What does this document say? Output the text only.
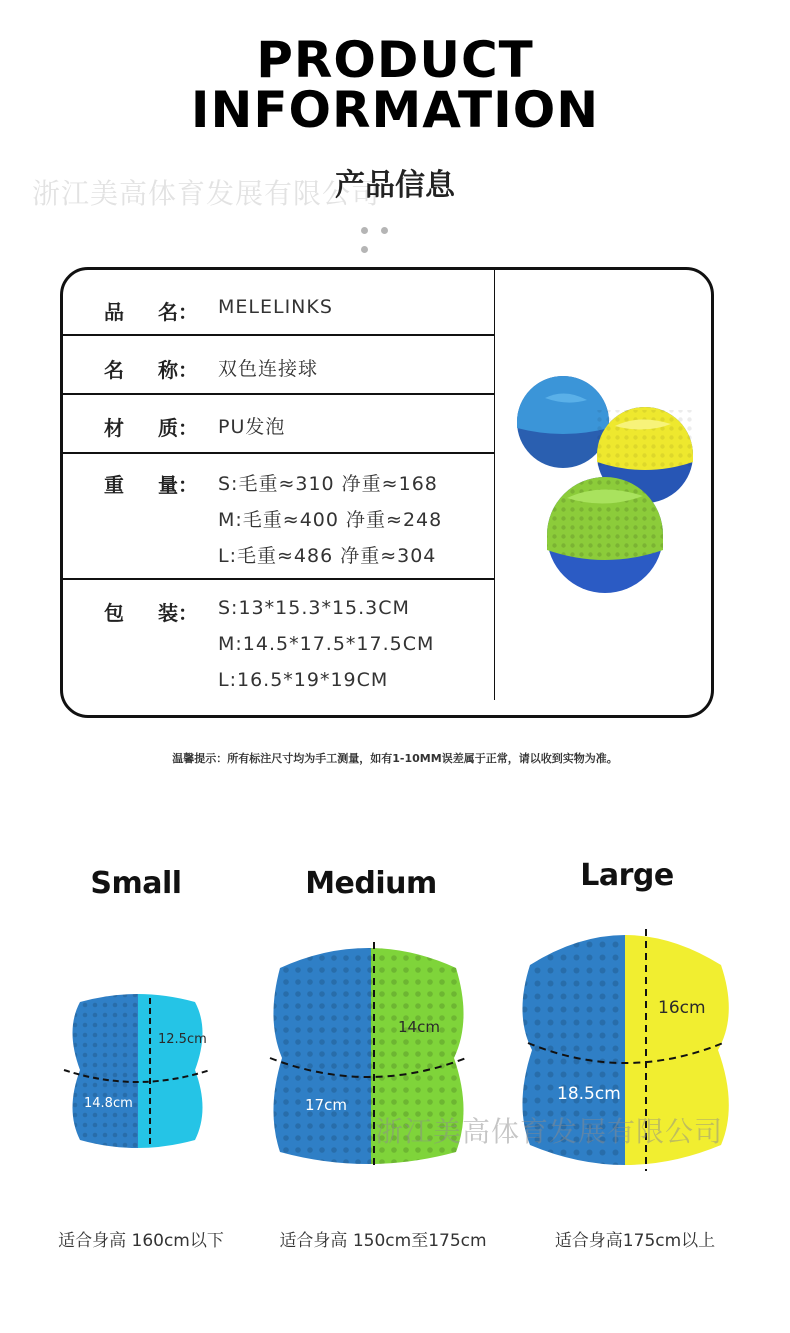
PRODUCT
INFORMATION
浙江美高体育发展有限公司
产品信息
品 名： MELELINKS
名 称： 双色连接球
材 质： PU发泡
重 量： S:毛重≈310 净重≈168
M:毛重≈400 净重≈248
L:毛重≈486 净重≈304
包 装： S:13*15.3*15.3CM
M:14.5*17.5*17.5CM
L:16.5*19*19CM
温馨提示：所有标注尺寸均为手工测量，如有1-10MM误差属于正常，请以收到实物为准。
Small	Medium	Large
12.5cm
14.8cm
14cm
17cm
16cm
18.5cm
浙江美高体育发展有限公司
适合身高 160cm以下	适合身高 150cm至175cm	适合身高175cm以上
